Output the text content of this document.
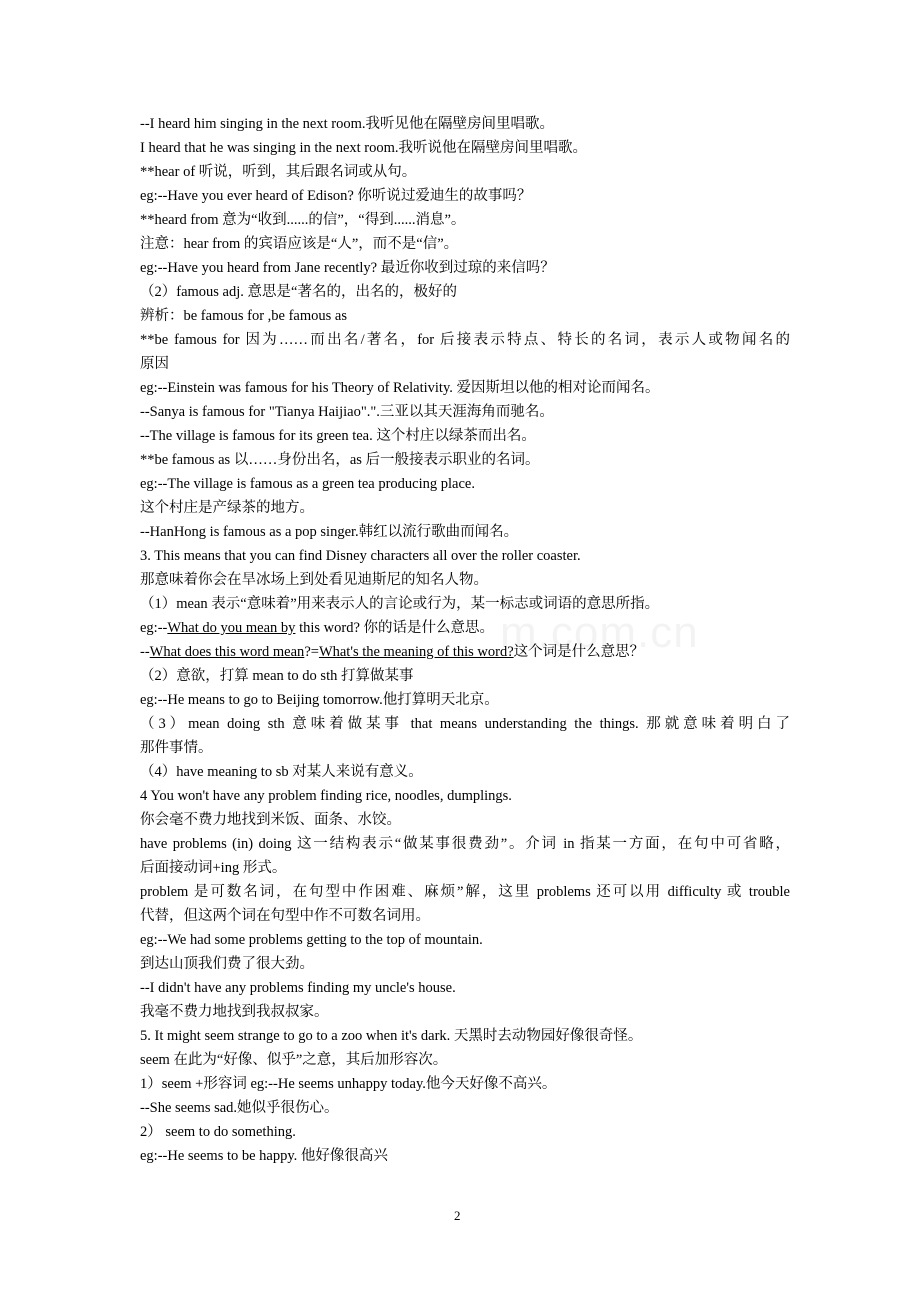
--I heard him singing in the next room.我听见他在隔壁房间里唱歌。
I heard that he was singing in the next room.我听说他在隔壁房间里唱歌。
**hear of 听说，听到，其后跟名词或从句。
eg:--Have you ever heard of Edison? 你听说过爱迪生的故事吗？
**heard from 意为“收到......的信”，“得到......消息”。
注意：hear from 的宾语应该是“人”，而不是“信”。
eg:--Have you heard from Jane recently? 最近你收到过琼的来信吗？
（2）famous adj. 意思是“著名的，出名的，极好的
辨析：be famous for ,be famous as
**be famous for 因为……而出名/著名，for 后接表示特点、特长的名词，表示人或物闻名的
原因
eg:--Einstein was famous for his Theory of Relativity. 爱因斯坦以他的相对论而闻名。
--Sanya is famous for "Tianya Haijiao".".三亚以其天涯海角而驰名。
--The village is famous for its green tea. 这个村庄以绿茶而出名。
**be famous as 以……身份出名，as 后一般接表示职业的名词。
eg:--The village is famous as a green tea producing place.
这个村庄是产绿茶的地方。
--HanHong is famous as a pop singer.韩红以流行歌曲而闻名。
3. This means that you can find Disney characters all over the roller coaster.
那意味着你会在旱冰场上到处看见迪斯尼的知名人物。
（1）mean 表示“意味着”用来表示人的言论或行为，某一标志或词语的意思所指。
eg:--What do you mean by this word? 你的话是什么意思。
--What does this word mean?=What's the meaning of this word?这个词是什么意思？
（2）意欲，打算 mean to do sth 打算做某事
eg:--He means to go to Beijing tomorrow.他打算明天北京。
（3）mean doing sth 意味着做某事 that means understanding the things. 那就意味着明白了
那件事情。
（4）have meaning to sb 对某人来说有意义。
4 You won't have any problem finding rice, noodles, dumplings.
你会毫不费力地找到米饭、面条、水饺。
have problems (in) doing 这一结构表示“做某事很费劲”。介词 in 指某一方面，在句中可省略，
后面接动词+ing 形式。
problem 是可数名词，在句型中作困难、麻烦”解，这里 problems 还可以用 difficulty 或 trouble
代替，但这两个词在句型中作不可数名词用。
eg:--We had some problems getting to the top of mountain.
到达山顶我们费了很大劲。
--I didn't have any problems finding my uncle's house.
我毫不费力地找到我叔叔家。
5. It might seem strange to go to a zoo when it's dark. 天黑时去动物园好像很奇怪。
seem 在此为“好像、似乎”之意，其后加形容次。
1）seem +形容词 eg:--He seems unhappy today.他今天好像不高兴。
--She seems sad.她似乎很伤心。
2） seem to do something.
eg:--He seems to be happy. 他好像很高兴
2
